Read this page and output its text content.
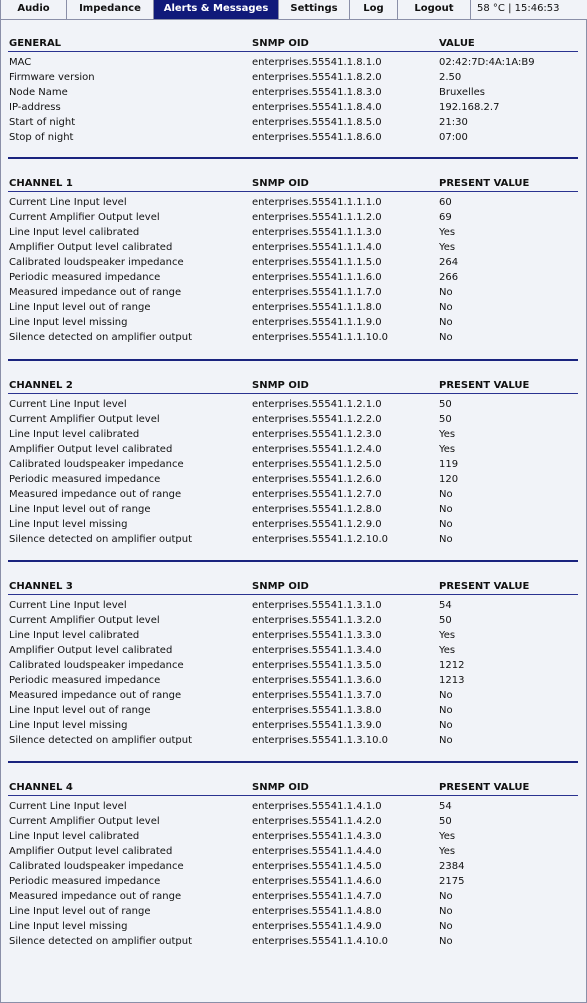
Audio	Impedance	Alerts & Messages	Settings	Log	Logout	58 °C | 15:46:53
GENERAL	SNMP OID	VALUE
MAC	enterprises.55541.1.8.1.0	02:42:7D:4A:1A:B9
Firmware version	enterprises.55541.1.8.2.0	2.50
Node Name	enterprises.55541.1.8.3.0	Bruxelles
IP-address	enterprises.55541.1.8.4.0	192.168.2.7
Start of night	enterprises.55541.1.8.5.0	21:30
Stop of night	enterprises.55541.1.8.6.0	07:00
CHANNEL 1	SNMP OID	PRESENT VALUE
Current Line Input level	enterprises.55541.1.1.1.0	60
Current Amplifier Output level	enterprises.55541.1.1.2.0	69
Line Input level calibrated	enterprises.55541.1.1.3.0	Yes
Amplifier Output level calibrated	enterprises.55541.1.1.4.0	Yes
Calibrated loudspeaker impedance	enterprises.55541.1.1.5.0	264
Periodic measured impedance	enterprises.55541.1.1.6.0	266
Measured impedance out of range	enterprises.55541.1.1.7.0	No
Line Input level out of range	enterprises.55541.1.1.8.0	No
Line Input level missing	enterprises.55541.1.1.9.0	No
Silence detected on amplifier output	enterprises.55541.1.1.10.0	No
CHANNEL 2	SNMP OID	PRESENT VALUE
Current Line Input level	enterprises.55541.1.2.1.0	50
Current Amplifier Output level	enterprises.55541.1.2.2.0	50
Line Input level calibrated	enterprises.55541.1.2.3.0	Yes
Amplifier Output level calibrated	enterprises.55541.1.2.4.0	Yes
Calibrated loudspeaker impedance	enterprises.55541.1.2.5.0	119
Periodic measured impedance	enterprises.55541.1.2.6.0	120
Measured impedance out of range	enterprises.55541.1.2.7.0	No
Line Input level out of range	enterprises.55541.1.2.8.0	No
Line Input level missing	enterprises.55541.1.2.9.0	No
Silence detected on amplifier output	enterprises.55541.1.2.10.0	No
CHANNEL 3	SNMP OID	PRESENT VALUE
Current Line Input level	enterprises.55541.1.3.1.0	54
Current Amplifier Output level	enterprises.55541.1.3.2.0	50
Line Input level calibrated	enterprises.55541.1.3.3.0	Yes
Amplifier Output level calibrated	enterprises.55541.1.3.4.0	Yes
Calibrated loudspeaker impedance	enterprises.55541.1.3.5.0	1212
Periodic measured impedance	enterprises.55541.1.3.6.0	1213
Measured impedance out of range	enterprises.55541.1.3.7.0	No
Line Input level out of range	enterprises.55541.1.3.8.0	No
Line Input level missing	enterprises.55541.1.3.9.0	No
Silence detected on amplifier output	enterprises.55541.1.3.10.0	No
CHANNEL 4	SNMP OID	PRESENT VALUE
Current Line Input level	enterprises.55541.1.4.1.0	54
Current Amplifier Output level	enterprises.55541.1.4.2.0	50
Line Input level calibrated	enterprises.55541.1.4.3.0	Yes
Amplifier Output level calibrated	enterprises.55541.1.4.4.0	Yes
Calibrated loudspeaker impedance	enterprises.55541.1.4.5.0	2384
Periodic measured impedance	enterprises.55541.1.4.6.0	2175
Measured impedance out of range	enterprises.55541.1.4.7.0	No
Line Input level out of range	enterprises.55541.1.4.8.0	No
Line Input level missing	enterprises.55541.1.4.9.0	No
Silence detected on amplifier output	enterprises.55541.1.4.10.0	No
